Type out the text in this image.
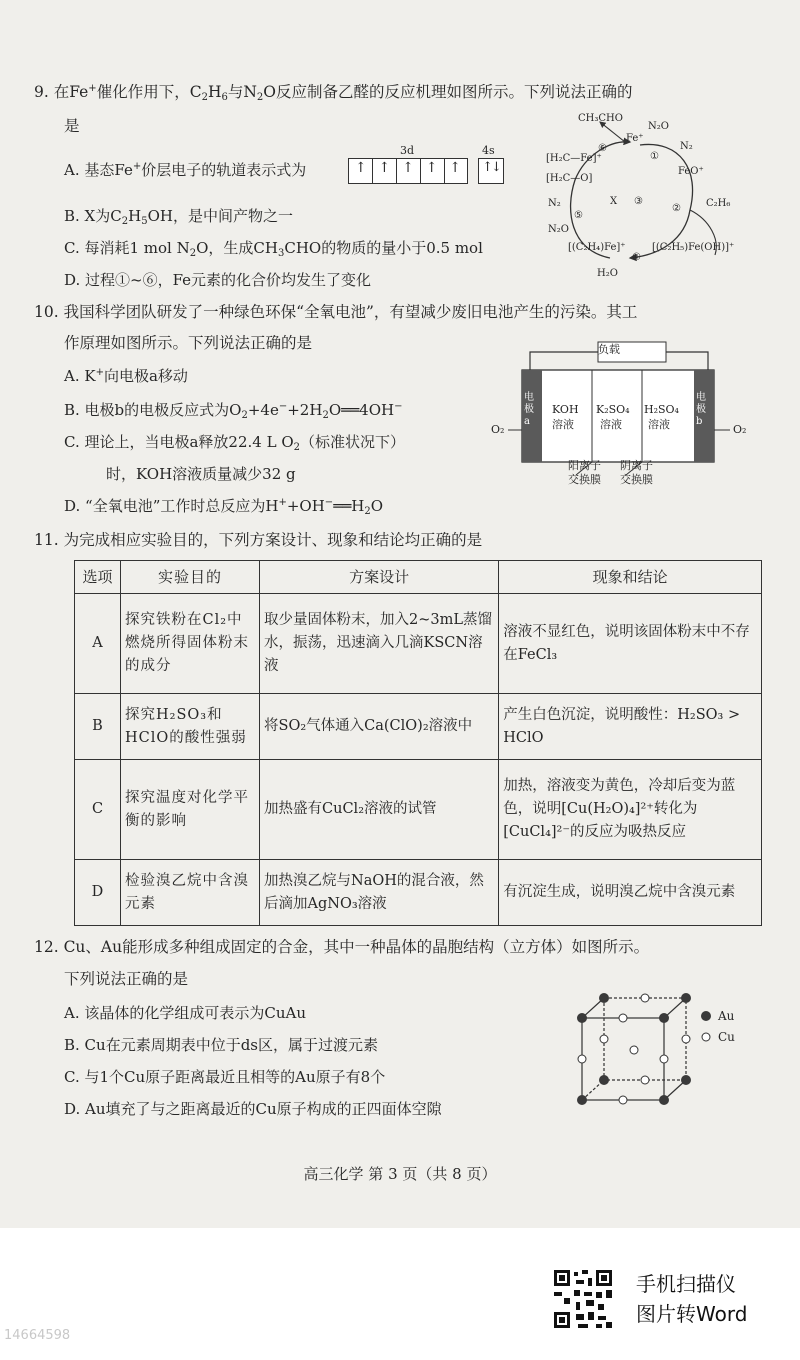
9. 在Fe+催化作用下，$C_2H_6$与$N_2O$反应制备乙醛的反应机理如图所示。下列说法正确的
是
A. 基态Fe+价层电子的轨道表示式为
3d	4s
↑ ↑ ↑ ↑ ↑	↑↓
B. X为$C_2H_5OH$，是中间产物之一
C. 每消耗1 mol $N_2O$，生成$CH_3CHO$的物质的量小于0.5 mol
D. 过程①~⑥，Fe元素的化合价均发生了变化
CH₃CHO
Fe⁺
N₂O
N₂
①
FeO⁺
⑥
[H₂C—Fe]⁺
[H₂C—O]
②	C₂H₆
X ③
N₂
⑤
N₂O
[(C₂H₄)Fe]⁺	[(C₂H₅)Fe(OH)]⁺
④
H₂O
10. 我国科学团队研发了一种绿色环保“全氧电池”，有望减少废旧电池产生的污染。其工
作原理如图所示。下列说法正确的是
A. K+向电极a移动
B. 电极b的电极反应式为$O_2+4e^-+2H_2O══4OH^-$
C. 理论上，当电极a释放22.4 L $O_2$（标准状况下）
时，KOH溶液质量减少32 g
D. “全氧电池”工作时总反应为$H^++OH^-══H_2O$
负载
O₂	O₂
电极a
电极b
KOH
溶液
K₂SO₄
溶液
H₂SO₄
溶液
阳离子
交换膜
阴离子
交换膜
11. 为完成相应实验目的，下列方案设计、现象和结论均正确的是
选项	实验目的	方案设计	现象和结论
A	探究铁粉在Cl₂中燃烧所得固体粉末的成分	取少量固体粉末，加入2~3mL蒸馏水，振荡，迅速滴入几滴KSCN溶液	溶液不显红色，说明该固体粉末中不存在FeCl₃
B	探究H₂SO₃和HClO的酸性强弱	将SO₂气体通入Ca(ClO)₂溶液中	产生白色沉淀，说明酸性：H₂SO₃ > HClO
C	探究温度对化学平衡的影响	加热盛有CuCl₂溶液的试管	加热，溶液变为黄色，冷却后变为蓝色，说明[Cu(H₂O)₄]²⁺转化为[CuCl₄]²⁻的反应为吸热反应
D	检验溴乙烷中含溴元素	加热溴乙烷与NaOH的混合液，然后滴加AgNO₃溶液	有沉淀生成，说明溴乙烷中含溴元素
12. Cu、Au能形成多种组成固定的合金，其中一种晶体的晶胞结构（立方体）如图所示。
下列说法正确的是
A. 该晶体的化学组成可表示为CuAu
B. Cu在元素周期表中位于ds区，属于过渡元素
C. 与1个Cu原子距离最近且相等的Au原子有8个
D. Au填充了与之距离最近的Cu原子构成的正四面体空隙
Au
Cu
高三化学 第 3 页（共 8 页）
手机扫描仪
图片转Word
14664598
